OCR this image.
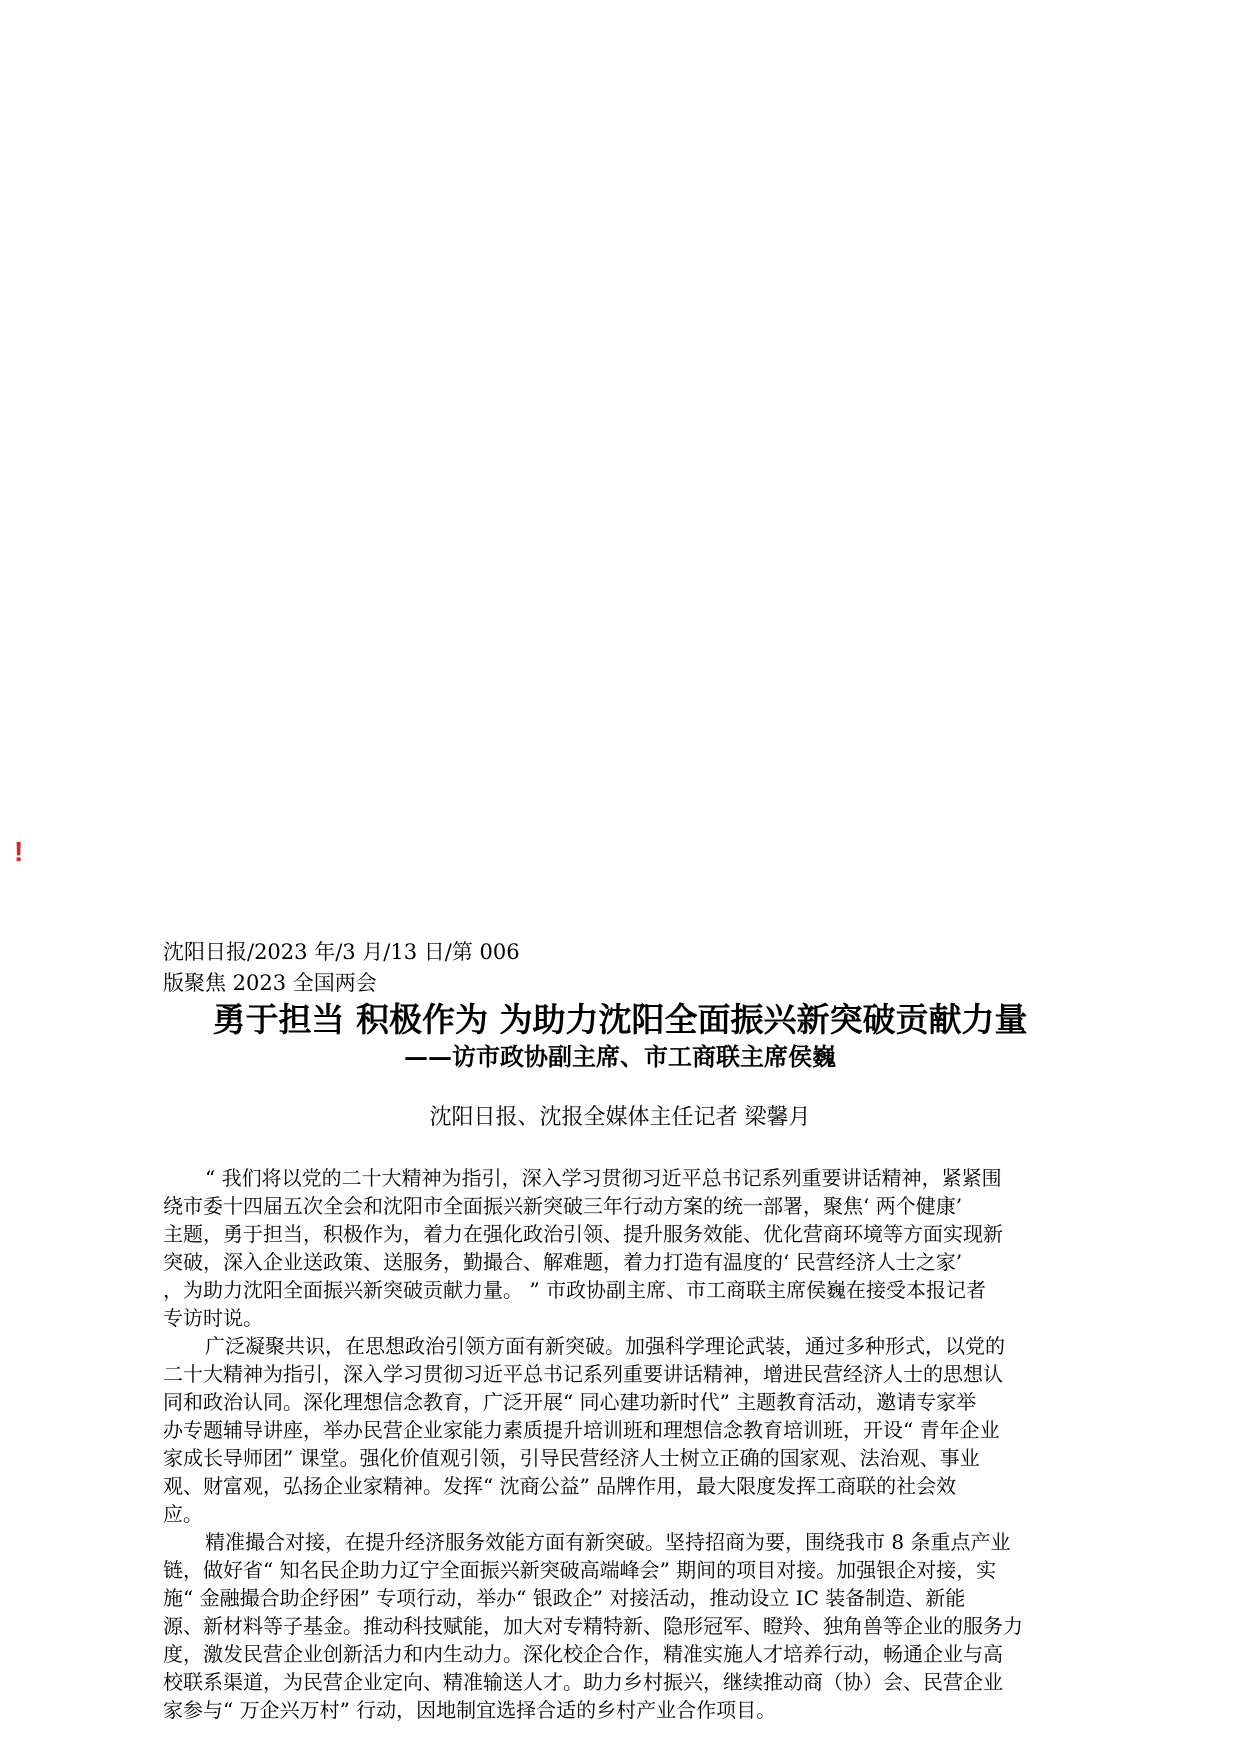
!
沈阳日报/2023 年/3 月/13 日/第 006
版聚焦 2023 全国两会
勇于担当 积极作为 为助力沈阳全面振兴新突破贡献力量
——访市政协副主席、市工商联主席侯巍
沈阳日报、沈报全媒体主任记者 梁馨月
“ 我们将以党的二十大精神为指引，深入学习贯彻习近平总书记系列重要讲话精神，紧紧围
绕市委十四届五次全会和沈阳市全面振兴新突破三年行动方案的统一部署，聚焦‘ 两个健康’
主题，勇于担当，积极作为，着力在强化政治引领、提升服务效能、优化营商环境等方面实现新
突破，深入企业送政策、送服务，勤撮合、解难题，着力打造有温度的‘ 民营经济人士之家’
，为助力沈阳全面振兴新突破贡献力量。 ” 市政协副主席、市工商联主席侯巍在接受本报记者
专访时说。
广泛凝聚共识，在思想政治引领方面有新突破。加强科学理论武装，通过多种形式，以党的
二十大精神为指引，深入学习贯彻习近平总书记系列重要讲话精神，增进民营经济人士的思想认
同和政治认同。深化理想信念教育，广泛开展“ 同心建功新时代” 主题教育活动，邀请专家举
办专题辅导讲座，举办民营企业家能力素质提升培训班和理想信念教育培训班，开设“ 青年企业
家成长导师团” 课堂。强化价值观引领，引导民营经济人士树立正确的国家观、法治观、事业
观、财富观，弘扬企业家精神。发挥“ 沈商公益” 品牌作用，最大限度发挥工商联的社会效
应。
精准撮合对接，在提升经济服务效能方面有新突破。坚持招商为要，围绕我市 8 条重点产业
链，做好省“ 知名民企助力辽宁全面振兴新突破高端峰会” 期间的项目对接。加强银企对接，实
施“ 金融撮合助企纾困” 专项行动，举办“ 银政企” 对接活动，推动设立 IC 装备制造、新能
源、新材料等子基金。推动科技赋能，加大对专精特新、隐形冠军、瞪羚、独角兽等企业的服务力
度，激发民营企业创新活力和内生动力。深化校企合作，精准实施人才培养行动，畅通企业与高
校联系渠道，为民营企业定向、精准输送人才。助力乡村振兴，继续推动商（协）会、民营企业
家参与“ 万企兴万村” 行动，因地制宜选择合适的乡村产业合作项目。
